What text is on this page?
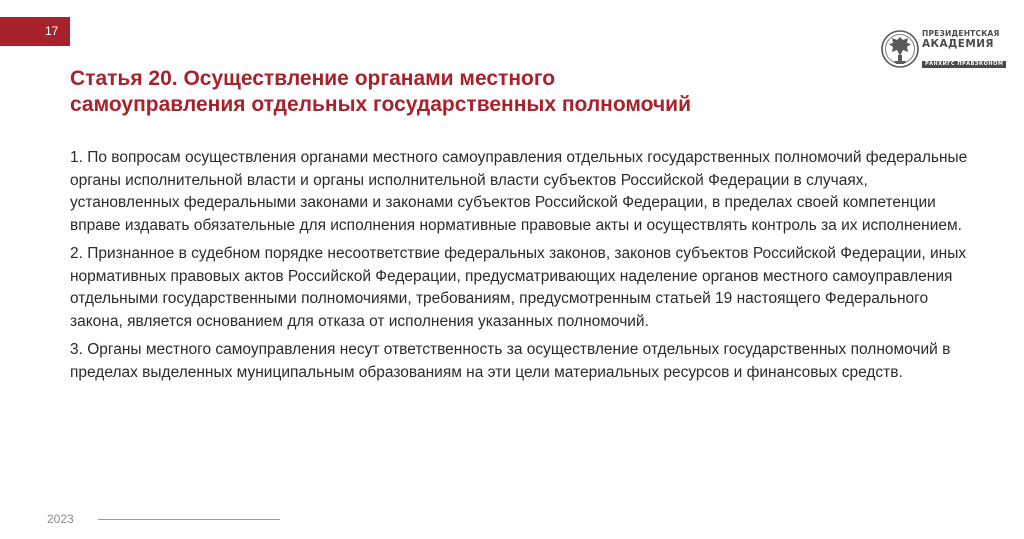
17	ПРЕЗИДЕНТСКАЯ
АКАДЕМИЯ
РАНХИГС ПРАВЭКОНОМ
Статья 20. Осуществление органами местного
самоуправления отдельных государственных полномочий

1. По вопросам осуществления органами местного самоуправления отдельных государственных полномочий федеральные органы исполнительной власти и органы исполнительной власти субъектов Российской Федерации в случаях, установленных федеральными законами и законами субъектов Российской Федерации, в пределах своей компетенции вправе издавать обязательные для исполнения нормативные правовые акты и осуществлять контроль за их исполнением.

2. Признанное в судебном порядке несоответствие федеральных законов, законов субъектов Российской Федерации, иных нормативных правовых актов Российской Федерации, предусматривающих наделение органов местного самоуправления отдельными государственными полномочиями, требованиям, предусмотренным статьей 19 настоящего Федерального закона, является основанием для отказа от исполнения указанных полномочий.

3. Органы местного самоуправления несут ответственность за осуществление отдельных государственных полномочий в пределах выделенных муниципальным образованиям на эти цели материальных ресурсов и финансовых средств.

2023
